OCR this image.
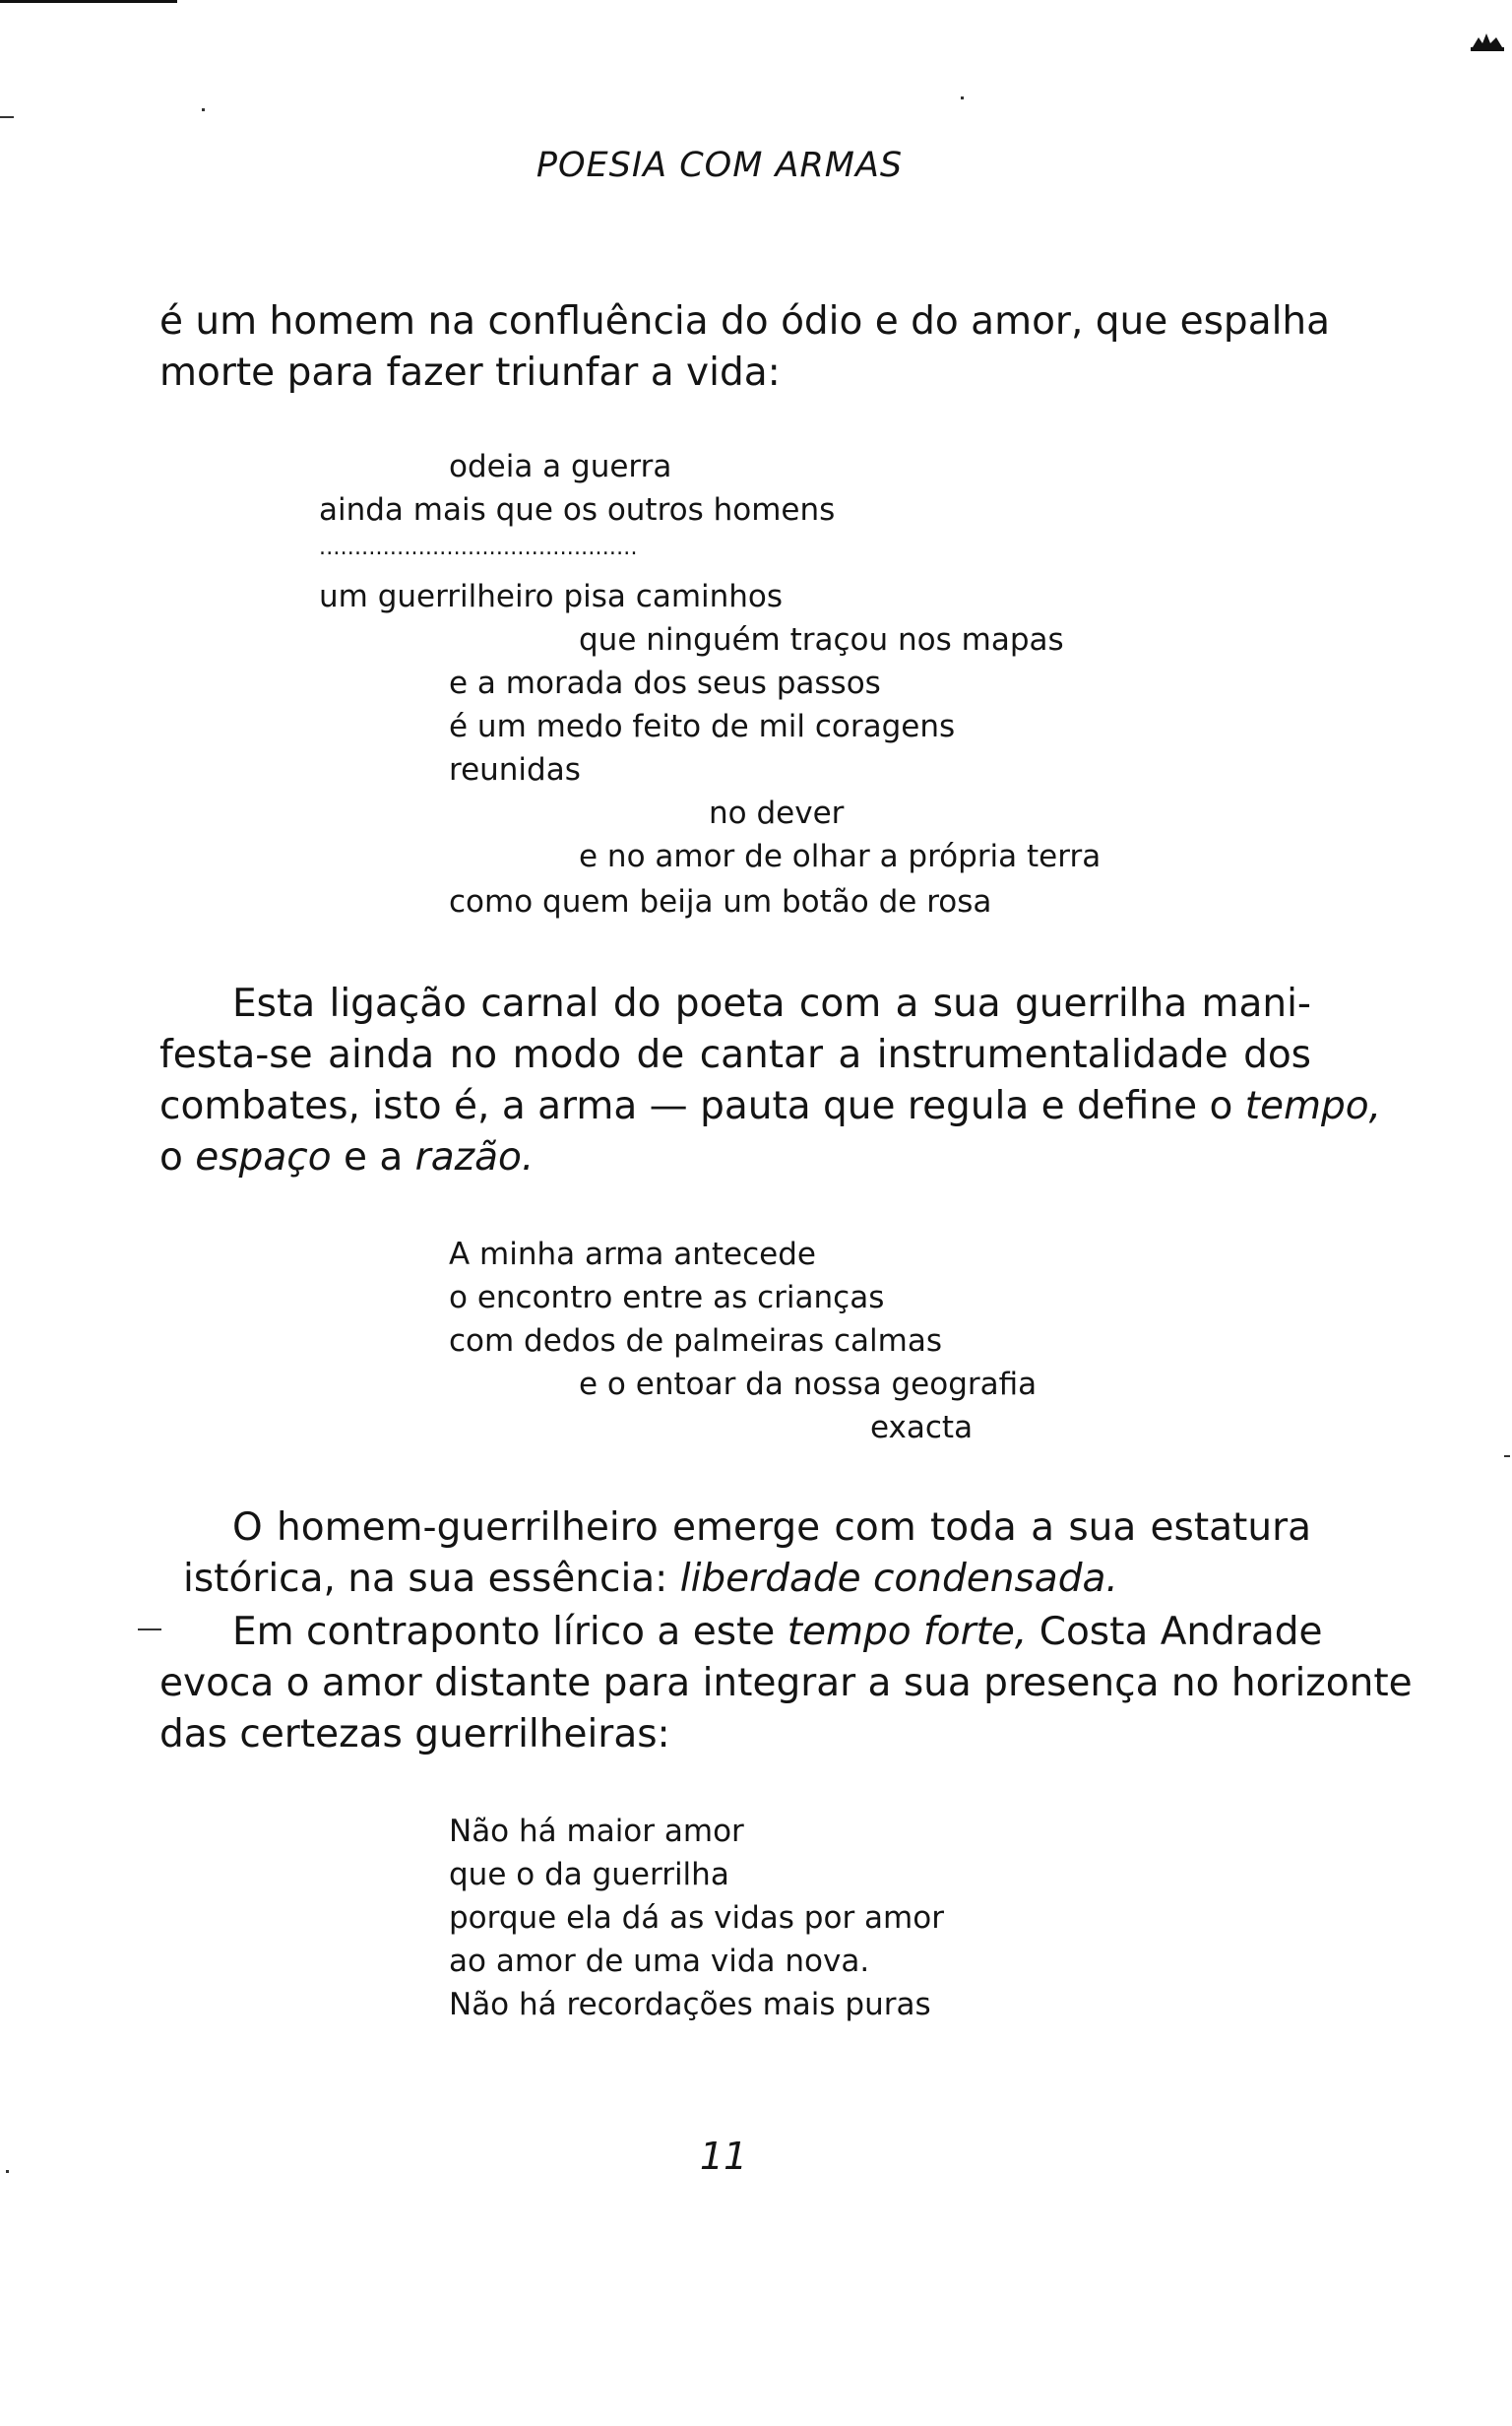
POESIA COM ARMAS
é um homem na confluência do ódio e do amor, que espalha
morte para fazer triunfar a vida:
odeia a guerra
ainda mais que os outros homens
.............................................
um guerrilheiro pisa caminhos
que ninguém traçou nos mapas
e a morada dos seus passos
é um medo feito de mil coragens
reunidas
no dever
e no amor de olhar a própria terra
como quem beija um botão de rosa
Esta ligação carnal do poeta com a sua guerrilha mani-
festa-se ainda no modo de cantar a instrumentalidade dos
combates, isto é, a arma — pauta que regula e define o tempo,
o espaço e a razão.
A minha arma antecede
o encontro entre as crianças
com dedos de palmeiras calmas
e o entoar da nossa geografia
exacta
O homem-guerrilheiro emerge com toda a sua estatura
istórica, na sua essência: liberdade condensada.
Em contraponto lírico a este tempo forte, Costa Andrade
evoca o amor distante para integrar a sua presença no horizonte
das certezas guerrilheiras:
Não há maior amor
que o da guerrilha
porque ela dá as vidas por amor
ao amor de uma vida nova.
Não há recordações mais puras
11
